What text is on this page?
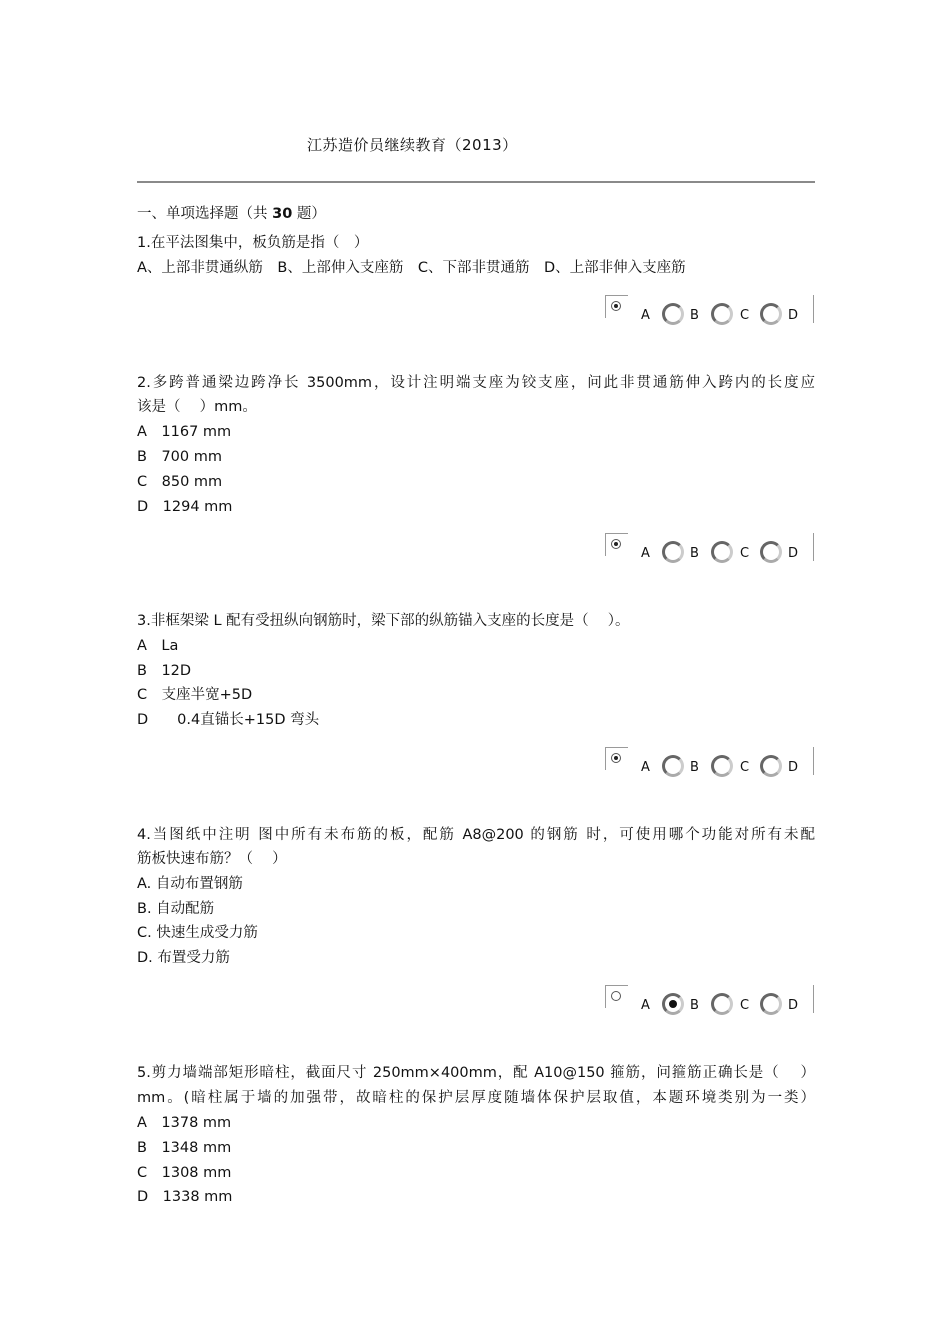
江苏造价员继续教育（2013）
一、单项选择题（共 30 题）
1.在平法图集中，板负筋是指（　）
A、上部非贯通纵筋　B、上部伸入支座筋　C、下部非贯通筋　D、上部非伸入支座筋
A	B	C	D
2.多跨普通梁边跨净长 3500mm，设计注明端支座为铰支座，问此非贯通筋伸入跨内的长度应
该是（　 ）mm。
A　1167 mm
B　700 mm
C　850 mm
D　1294 mm
A	B	C	D
3.非框架梁 L 配有受扭纵向钢筋时，梁下部的纵筋锚入支座的长度是（　 ）。
A　La
B　12D
C　支座半宽+5D
D　　0.4直锚长+15D 弯头
A	B	C	D
4.当图纸中注明 图中所有未布筋的板，配筋 A8@200 的钢筋 时，可使用哪个功能对所有未配
筋板快速布筋？（　 ）
A. 自动布置钢筋
B. 自动配筋
C. 快速生成受力筋
D. 布置受力筋
A	B	C	D
5.剪力墙端部矩形暗柱，截面尺寸 250mm×400mm，配 A10@150 箍筋，问箍筋正确长是（　 ）
mm。(暗柱属于墙的加强带，故暗柱的保护层厚度随墙体保护层取值，本题环境类别为一类）
A　1378 mm
B　1348 mm
C　1308 mm
D　1338 mm
